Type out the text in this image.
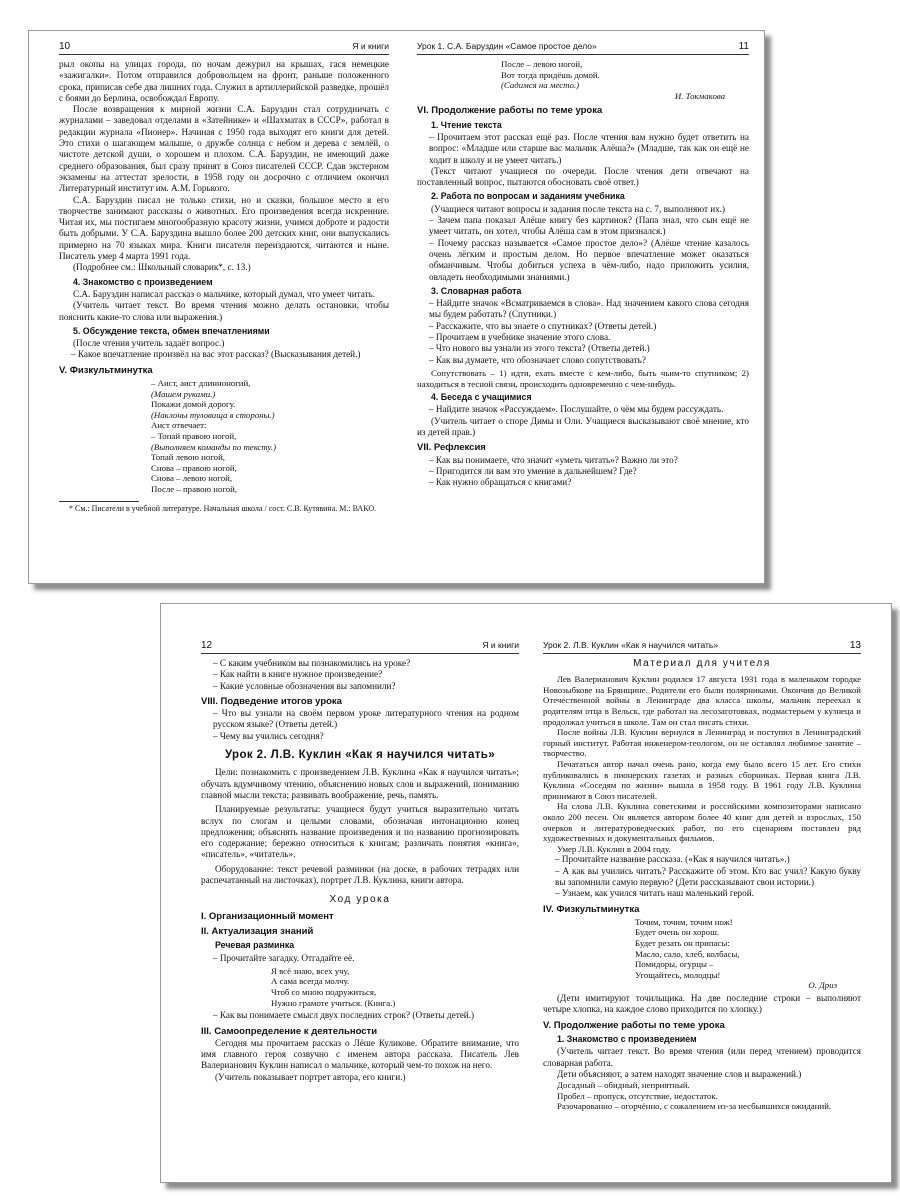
10	Я и книги

рыл окопы на улицах города, по ночам дежурил на крышах, гася немецкие «зажигалки». Потом отправился добровольцем на фронт, раньше положенного срока, приписав себе два лишних года. Служил в артиллерийской разведке, прошёл с боями до Берлина, освобождал Европу.

После возвращения к мирной жизни С.А. Баруздин стал сотрудничать с журналами – заведовал отделами в «Затейнике» и «Шахматах в СССР», работал в редакции журнала «Пионер». Начиная с 1950 года выходят его книги для детей. Это стихи о шагающем малыше, о дружбе солнца с небом и дерева с землёй, о чистоте детской души, о хорошем и плохом. С.А. Баруздин, не имеющий даже среднего образования, был сразу принят в Союз писателей СССР. Сдав экстерном экзамены на аттестат зрелости, в 1958 году он досрочно с отличием окончил Литературный институт им. А.М. Горького.

С.А. Баруздин писал не только стихи, но и сказки, большое место в его творчестве занимают рассказы о животных. Его произведения всегда искренние. Читая их, мы постигаем многообразную красоту жизни, учимся доброте и радости быть добрыми. У С.А. Баруздина вышло более 200 детских книг, они выпускались примерно на 70 языках мира. Книги писателя переиздаются, читаются и ныне. Писатель умер 4 марта 1991 года.

(Подробнее см.: Школьный словарик*, с. 13.)

4. Знакомство с произведением

С.А. Баруздин написал рассказ о мальчике, который думал, что умеет читать.

(Учитель читает текст. Во время чтения можно делать остановки, чтобы пояснить какие-то слова или выражения.)

5. Обсуждение текста, обмен впечатлениями

(После чтения учитель задаёт вопрос.)

– Какое впечатление произвёл на вас этот рассказ? (Высказывания детей.)

V. Физкультминутка
– Аист, аист длинноногий,
(Машем руками.)
Покажи домой дорогу.
(Наклоны туловища в стороны.)
Аист отвечает:
– Топай правою ногой,
(Выполняем команды по тексту.)
Топай левою ногой,
Снова – правою ногой,
Снова – левою ногой,
После – правою ногой,
* См.: Писатели в учебной литературе. Начальная школа / сост. С.В. Кутявина. М.: ВАКО.
Урок 1. С.А. Баруздин «Самое простое дело»	11
После – левою ногой,
Вот тогда придёшь домой.
(Садимся на место.)
И. Токмакова
VI. Продолжение работы по теме урока
1. Чтение текста

– Прочитаем этот рассказ ещё раз. После чтения вам нужно будет ответить на вопрос: «Младше или старше вас мальчик Алёша?» (Младше, так как он ещё не ходит в школу и не умеет читать.)

(Текст читают учащиеся по очереди. После чтения дети отвечают на поставленный вопрос, пытаются обосновать своё ответ.)

2. Работа по вопросам и заданиям учебника

(Учащиеся читают вопросы и задания после текста на с. 7, выполняют их.)

– Зачем папа показал Алёше книгу без картинок? (Папа знал, что сын ещё не умеет читать, он хотел, чтобы Алёша сам в этом признался.)

– Почему рассказ называется «Самое простое дело»? (Алёше чтение казалось очень лёгким и простым делом. Но первое впечатление может оказаться обманчивым. Чтобы добиться успеха в чём-либо, надо приложить усилия, овладеть необходимыми знаниями.)

3. Словарная работа

– Найдите значок «Всматриваемся в слова». Над значением какого слова сегодня мы будем работать? (Спутники.)

– Расскажите, что вы знаете о спутниках? (Ответы детей.)

– Прочитаем в учебнике значение этого слова.

– Что нового вы узнали из этого текста? (Ответы детей.)

– Как вы думаете, что обозначает слово сопутствовать?

Сопутствовать – 1) идти, ехать вместе с кем-либо, быть чьим-то спутником; 2) находиться в тесной связи, происходить одновременно с чем-нибудь.

4. Беседа с учащимися

– Найдите значок «Рассуждаем». Послушайте, о чём мы будем рассуждать.

(Учитель читает о споре Димы и Оли. Учащиеся высказывают своё мнение, кто из детей прав.)

VII. Рефлексия

– Как вы понимаете, что значит «уметь читать»? Важно ли это?

– Пригодится ли вам это умение в дальнейшем? Где?

– Как нужно обращаться с книгами?

12	Я и книги

– С каким учебником вы познакомились на уроке?

– Как найти в книге нужное произведение?

– Какие условные обозначения вы запомнили?

VIII. Подведение итогов урока

– Что вы узнали на своём первом уроке литературного чтения на родном русском языке? (Ответы детей.)

– Чему вы учились сегодня?

Урок 2. Л.В. Куклин «Как я научился читать»

Цели: познакомить с произведением Л.В. Куклина «Как я научился читать»; обучать вдумчивому чтению, объяснению новых слов и выражений, пониманию главной мысли текста; развивать воображение, речь, память.

Планируемые результаты: учащиеся будут учиться выразительно читать вслух по слогам и целыми словами, обозначая интонационно конец предложения; объяснять название произведения и по названию прогнозировать его содержание; бережно относиться к книгам; различать понятия «книга», «писатель», «читатель».

Оборудование: текст речевой разминки (на доске, в рабочих тетрадях или распечатанный на листочках), портрет Л.В. Куклина, книги автора.

Ход урока
I. Организационный момент
II. Актуализация знаний
Речевая разминка

– Прочитайте загадку. Отгадайте её.

Я всё знаю, всех учу,
А сама всегда молчу.
Чтоб со мною подружиться,
Нужно грамоте учиться. (Книга.)

– Как вы понимаете смысл двух последних строк? (Ответы детей.)

III. Самоопределение к деятельности

Сегодня мы прочитаем рассказ о Лёше Куликове. Обратите внимание, что имя главного героя созвучно с именем автора рассказа. Писатель Лев Валерианович Куклин написал о мальчике, который чем-то похож на него.

(Учитель показывает портрет автора, его книги.)

Урок 2. Л.В. Куклин «Как я научился читать»	13
Материал для учителя

Лев Валерианович Куклин родился 17 августа 1931 года в маленьком городке Новозыбкове на Брянщине. Родители его были полярниками. Окончив до Великой Отечественной войны в Ленинграде два класса школы, мальчик переехал к родителям отца в Вельск, где работал на лесозаготовках, подмастерьем у кузнеца и продолжал учиться в школе. Там он стал писать стихи.

После войны Л.В. Куклин вернулся в Ленинград и поступил в Ленинградский горный институт. Работая инженером-геологом, он не оставлял любимое занятие – творчество.

Печататься автор начал очень рано, когда ему было всего 15 лет. Его стихи публиковались в пионерских газетах и разных сборниках. Первая книга Л.В. Куклина «Соседям по жизни» вышла в 1958 году. В 1961 году Л.В. Куклина принимают в Союз писателей.

На слова Л.В. Куклина советскими и российскими композиторами написано около 200 песен. Он является автором более 40 книг для детей и взрослых, 150 очерков и литературоведческих работ, по его сценариям поставлен ряд художественных и документальных фильмов.

Умер Л.В. Куклин в 2004 году.

– Прочитайте название рассказа. («Как я научился читать».)

– А как вы учились читать? Расскажите об этом. Кто вас учил? Какую букву вы запомнили самую первую? (Дети рассказывают свои истории.)

– Узнаем, как учился читать наш маленький герой.

IV. Физкультминутка
Точим, точим, точим нож!
Будет очень он хорош.
Будет резать он припасы:
Масло, сало, хлеб, колбасы,
Помидоры, огурцы –
Угощайтесь, молодцы!
О. Дриз

(Дети имитируют точильщика. На две последние строки – выполняют четыре хлопка, на каждое слово приходится по хлопку.)

V. Продолжение работы по теме урока
1. Знакомство с произведением

(Учитель читает текст. Во время чтения (или перед чтением) проводится словарная работа.

Дети объясняют, а затем находят значение слов и выражений.)

Досадный – обидный, неприятный.

Пробел – пропуск, отсутствие, недостаток.

Разочарованно – огорчённо, с сожалением из-за несбывшихся ожиданий.
